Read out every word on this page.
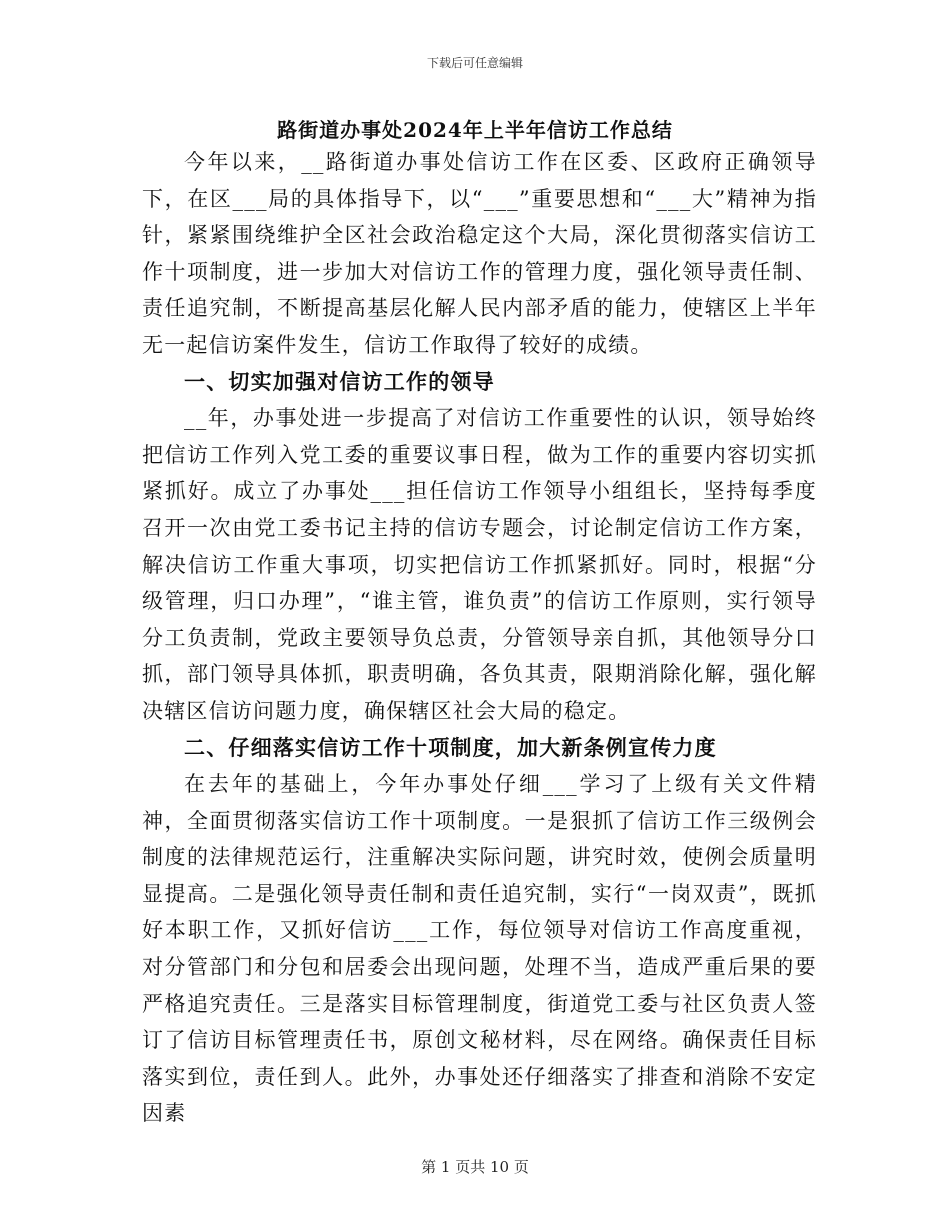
下载后可任意编辑
路街道办事处2024年上半年信访工作总结

今年以来，__路街道办事处信访工作在区委、区政府正确领导下，在区___局的具体指导下，以“___”重要思想和“___大”精神为指针，紧紧围绕维护全区社会政治稳定这个大局，深化贯彻落实信访工作十项制度，进一步加大对信访工作的管理力度，强化领导责任制、责任追究制，不断提高基层化解人民内部矛盾的能力，使辖区上半年无一起信访案件发生，信访工作取得了较好的成绩。

一、切实加强对信访工作的领导

__年，办事处进一步提高了对信访工作重要性的认识，领导始终把信访工作列入党工委的重要议事日程，做为工作的重要内容切实抓紧抓好。成立了办事处___担任信访工作领导小组组长，坚持每季度召开一次由党工委书记主持的信访专题会，讨论制定信访工作方案，解决信访工作重大事项，切实把信访工作抓紧抓好。同时，根据“分级管理，归口办理”，“谁主管，谁负责”的信访工作原则，实行领导分工负责制，党政主要领导负总责，分管领导亲自抓，其他领导分口抓，部门领导具体抓，职责明确，各负其责，限期消除化解，强化解决辖区信访问题力度，确保辖区社会大局的稳定。

二、仔细落实信访工作十项制度，加大新条例宣传力度

在去年的基础上，今年办事处仔细___学习了上级有关文件精神，全面贯彻落实信访工作十项制度。一是狠抓了信访工作三级例会制度的法律规范运行，注重解决实际问题，讲究时效，使例会质量明显提高。二是强化领导责任制和责任追究制，实行“一岗双责”，既抓好本职工作，又抓好信访___工作，每位领导对信访工作高度重视，对分管部门和分包和居委会出现问题，处理不当，造成严重后果的要严格追究责任。三是落实目标管理制度，街道党工委与社区负责人签订了信访目标管理责任书，原创文秘材料，尽在网络。确保责任目标落实到位，责任到人。此外，办事处还仔细落实了排查和消除不安定因素

第 1 页共 10 页
